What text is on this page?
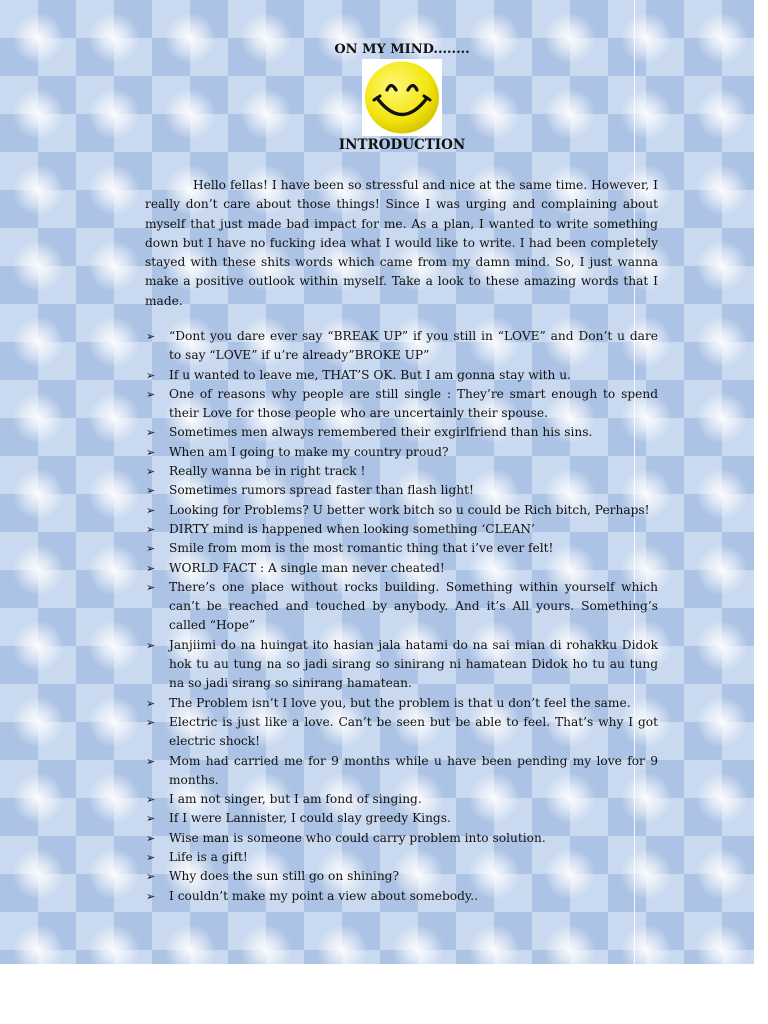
ON MY MIND........
INTRODUCTION

Hello fellas! I have been so stressful and nice at the same time. However, I really don’t care about those things! Since I was urging and complaining about myself that just made bad impact for me. As a plan, I wanted to write something down but I have no fucking idea what I would like to write. I had been completely stayed with these shits words which came from my damn mind. So, I just wanna make a positive outlook within myself. Take a look to these amazing words that I made.

➢	“Dont you dare ever say “BREAK UP” if you still in “LOVE” and Don’t u dare to say “LOVE” if u’re already”BROKE UP”
➢	If u wanted to leave me, THAT’S OK. But I am gonna stay with u.
➢	One of reasons why people are still single : They’re smart enough to spend their Love for those people who are uncertainly their spouse.
➢	Sometimes men always remembered their exgirlfriend than his sins.
➢	When am I going to make my country proud?
➢	Really wanna be in right track !
➢	Sometimes rumors spread faster than flash light!
➢	Looking for Problems? U better work bitch so u could be Rich bitch, Perhaps!
➢	DIRTY mind is happened when looking something ‘CLEAN’
➢	Smile from mom is the most romantic thing that i’ve ever felt!
➢	WORLD FACT : A single man never cheated!
➢	There’s one place without rocks building. Something within yourself which can’t be reached and touched by anybody. And it’s All yours. Something’s called “Hope”
➢	Janjiimi do na huingat ito hasian jala hatami do na sai mian di rohakku Didok hok tu au tung na so jadi sirang so sinirang ni hamatean Didok ho tu au tung na so jadi sirang so sinirang hamatean.
➢	The Problem isn’t I love you, but the problem is that u don’t feel the same.
➢	Electric is just like a love. Can’t be seen but be able to feel. That’s why I got electric shock!
➢	Mom had carried me for 9 months while u have been pending my love for 9 months.
➢	I am not singer, but I am fond of singing.
➢	If I were Lannister, I could slay greedy Kings.
➢	Wise man is someone who could carry problem into solution.
➢	Life is a gift!
➢	Why does the sun still go on shining?
➢	I couldn’t make my point a view about somebody..
